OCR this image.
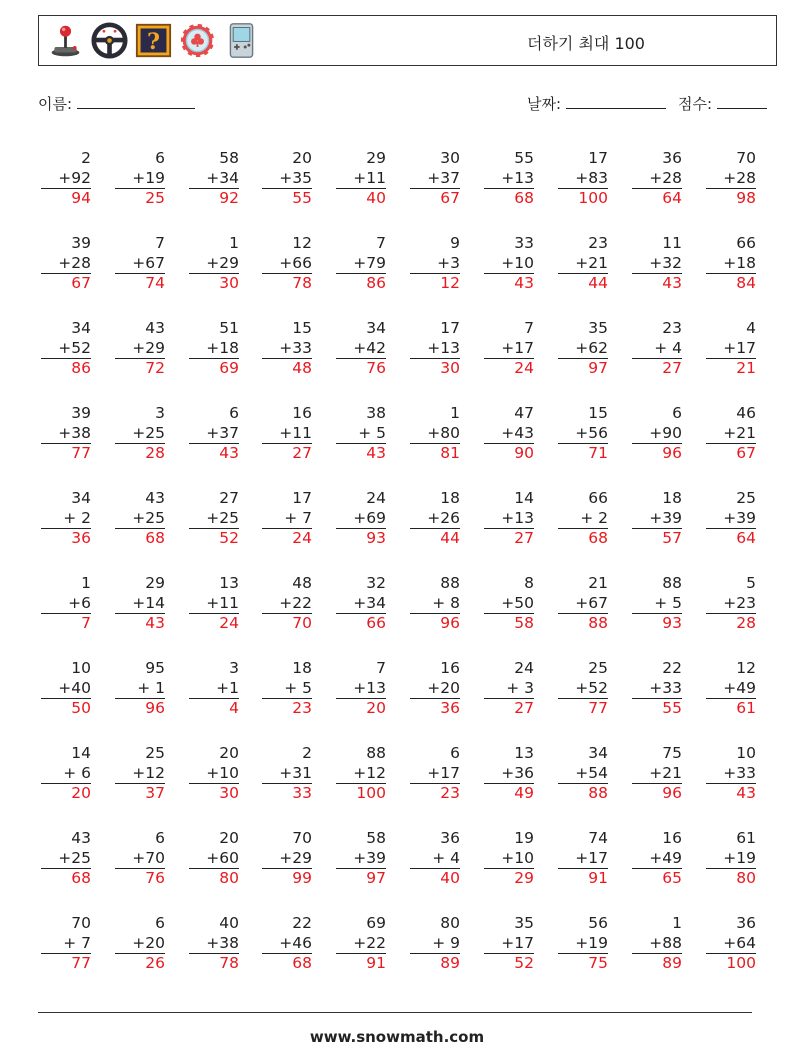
?	더하기 최대 100
이름:	날짜:	점수:
2
+92
94
6
+19
25
58
+34
92
20
+35
55
29
+11
40
30
+37
67
55
+13
68
17
+83
100
36
+28
64
70
+28
98
39
+28
67
7
+67
74
1
+29
30
12
+66
78
7
+79
86
9
+3
12
33
+10
43
23
+21
44
11
+32
43
66
+18
84
34
+52
86
43
+29
72
51
+18
69
15
+33
48
34
+42
76
17
+13
30
7
+17
24
35
+62
97
23
+ 4
27
4
+17
21
39
+38
77
3
+25
28
6
+37
43
16
+11
27
38
+ 5
43
1
+80
81
47
+43
90
15
+56
71
6
+90
96
46
+21
67
34
+ 2
36
43
+25
68
27
+25
52
17
+ 7
24
24
+69
93
18
+26
44
14
+13
27
66
+ 2
68
18
+39
57
25
+39
64
1
+6
7
29
+14
43
13
+11
24
48
+22
70
32
+34
66
88
+ 8
96
8
+50
58
21
+67
88
88
+ 5
93
5
+23
28
10
+40
50
95
+ 1
96
3
+1
4
18
+ 5
23
7
+13
20
16
+20
36
24
+ 3
27
25
+52
77
22
+33
55
12
+49
61
14
+ 6
20
25
+12
37
20
+10
30
2
+31
33
88
+12
100
6
+17
23
13
+36
49
34
+54
88
75
+21
96
10
+33
43
43
+25
68
6
+70
76
20
+60
80
70
+29
99
58
+39
97
36
+ 4
40
19
+10
29
74
+17
91
16
+49
65
61
+19
80
70
+ 7
77
6
+20
26
40
+38
78
22
+46
68
69
+22
91
80
+ 9
89
35
+17
52
56
+19
75
1
+88
89
36
+64
100
www.snowmath.com
